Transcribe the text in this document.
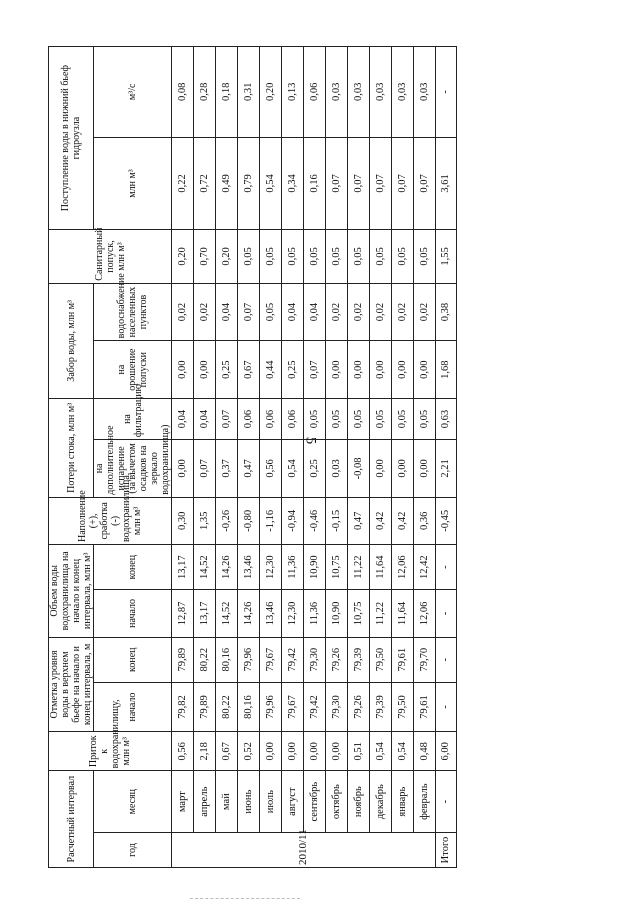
5
Расчетный интервал		Приток к водохранилищу, млн м³	Отметка уровня воды в верхнем бьефе на начало и конец интервала, м		Объем воды водохранилища на начало и конец интервала, млн м³		Наполнение (+), сработка (-) водохранилища, млн м³	Потери стока, млн м³		Забор воды, млн м³		Санитарный попуск, млн м³	Поступление воды в нижний бьеф гидроузла	
год	месяц		начало	конец	начало	конец		на дополнительное испарение (за вычетом осадков на зеркало водохранилища)	на фильтрацию	на орошение попуски	водоснабжение населенных пунктов		млн м³	м³/с
2010/11	март	0,56	79,82	79,89	12,87	13,17	0,30	0,00	0,04	0,00	0,02	0,20	0,22	0,08
	апрель	2,18	79,89	80,22	13,17	14,52	1,35	0,07	0,04	0,00	0,02	0,70	0,72	0,28
	май	0,67	80,22	80,16	14,52	14,26	-0,26	0,37	0,07	0,25	0,04	0,20	0,49	0,18
	июнь	0,52	80,16	79,96	14,26	13,46	-0,80	0,47	0,06	0,67	0,07	0,05	0,79	0,31
	июль	0,00	79,96	79,67	13,46	12,30	-1,16	0,56	0,06	0,44	0,05	0,05	0,54	0,20
	август	0,00	79,67	79,42	12,30	11,36	-0,94	0,54	0,06	0,25	0,04	0,05	0,34	0,13
	сентябрь	0,00	79,42	79,30	11,36	10,90	-0,46	0,25	0,05	0,07	0,04	0,05	0,16	0,06
	октябрь	0,00	79,30	79,26	10,90	10,75	-0,15	0,03	0,05	0,00	0,02	0,05	0,07	0,03
	ноябрь	0,51	79,26	79,39	10,75	11,22	0,47	-0,08	0,05	0,00	0,02	0,05	0,07	0,03
	декабрь	0,54	79,39	79,50	11,22	11,64	0,42	0,00	0,05	0,00	0,02	0,05	0,07	0,03
	январь	0,54	79,50	79,61	11,64	12,06	0,42	0,00	0,05	0,00	0,02	0,05	0,07	0,03
	февраль	0,48	79,61	79,70	12,06	12,42	0,36	0,00	0,05	0,00	0,02	0,05	0,07	0,03
Итого	-	6,00	-	-	-	-	-0,45	2,21	0,63	1,68	0,38	1,55	3,61	-
